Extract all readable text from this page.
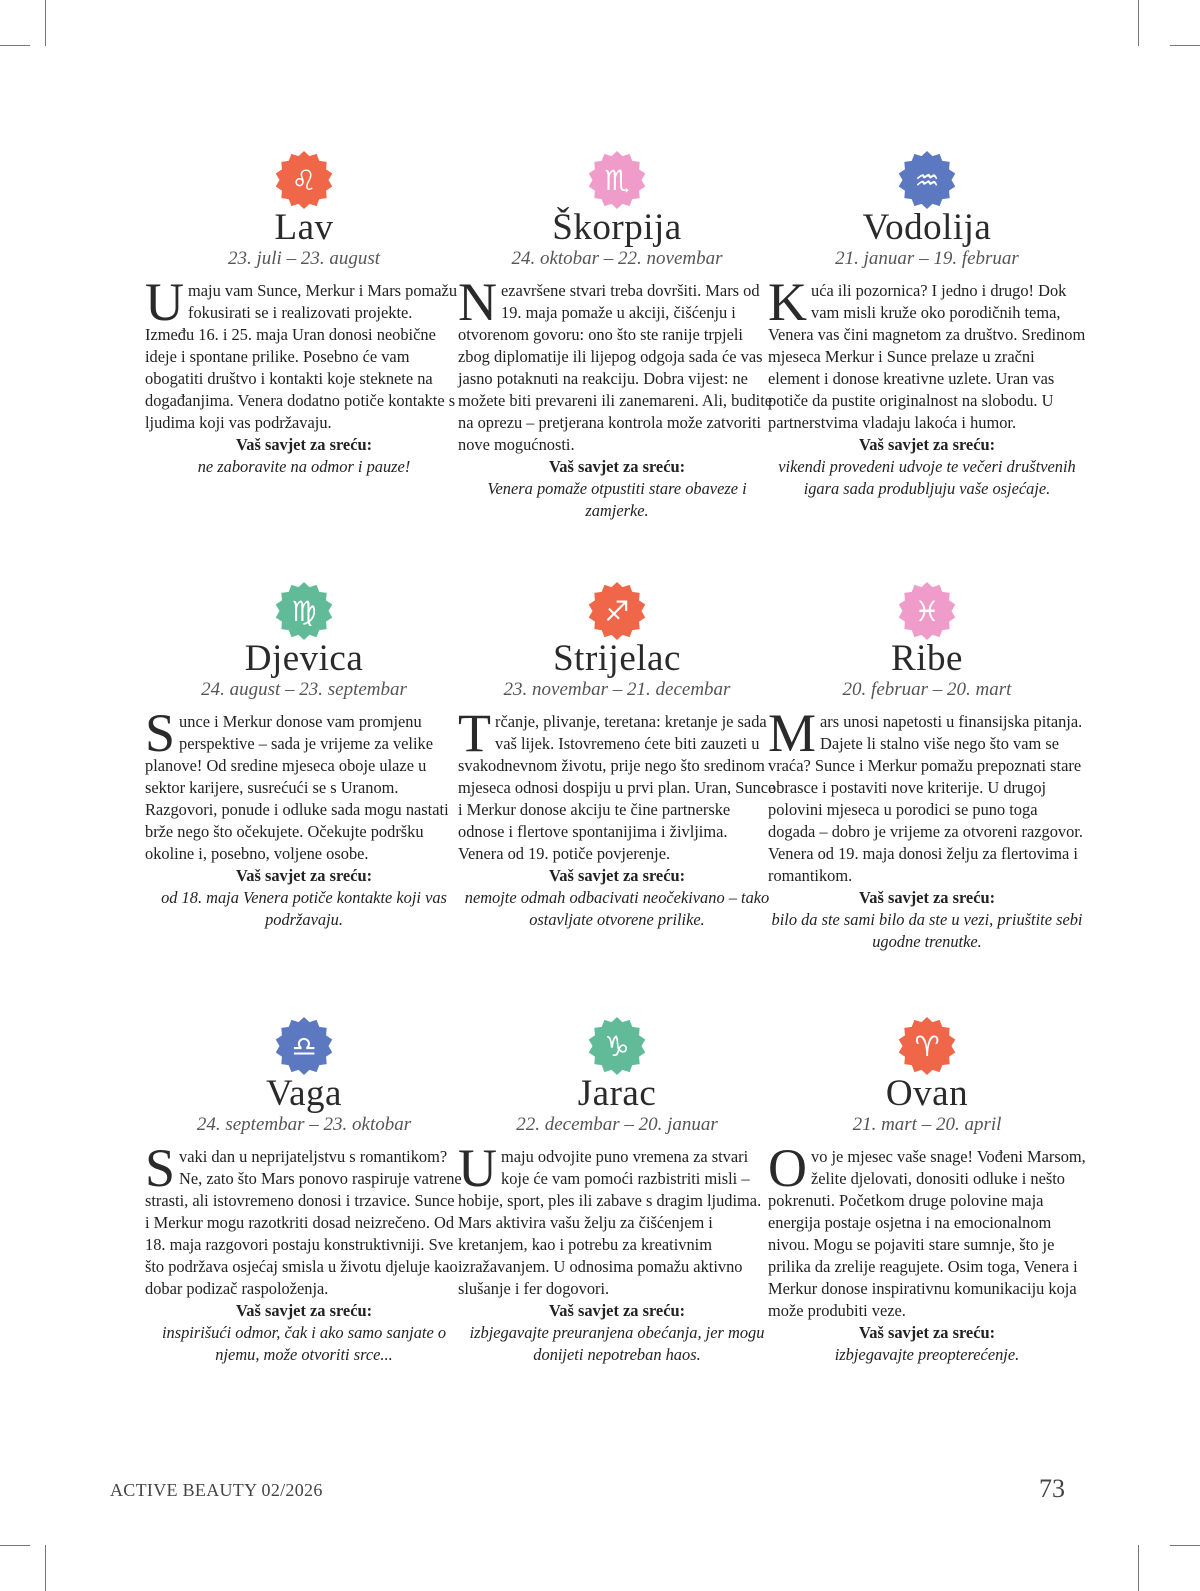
♌
Lav
23. juli – 23. august
Umaju vam Sunce, Merkur i Mars pomažu fokusirati se i realizovati projekte. Između 16. i 25. maja Uran donosi neobične ideje i spontane prilike. Posebno će vam obogatiti društvo i kontakti koje steknete na događanjima. Venera dodatno potiče kontakte s ljudima koji vas podržavaju.
Vaš savjet za sreću:
ne zaboravite na odmor i pauze!
♏
Škorpija
24. oktobar – 22. novembar
Nezavršene stvari treba dovršiti. Mars od 19. maja pomaže u akciji, čišćenju i otvorenom govoru: ono što ste ranije trpjeli zbog diplomatije ili lijepog odgoja sada će vas jasno potaknuti na reakciju. Dobra vijest: ne možete biti prevareni ili zanemareni. Ali, budite na oprezu – pretjerana kontrola može zatvoriti nove mogućnosti.
Vaš savjet za sreću:
Venera pomaže otpustiti stare obaveze i zamjerke.
♒
Vodolija
21. januar – 19. februar
Kuća ili pozornica? I jedno i drugo! Dok vam misli kruže oko porodičnih tema, Venera vas čini magnetom za društvo. Sredinom mjeseca Merkur i Sunce prelaze u zračni element i donose kreativne uzlete. Uran vas potiče da pustite originalnost na slobodu. U partnerstvima vladaju lakoća i humor.
Vaš savjet za sreću:
vikendi provedeni udvoje te večeri društvenih igara sada produbljuju vaše osjećaje.
♍
Djevica
24. august – 23. septembar
Sunce i Merkur donose vam promjenu perspektive – sada je vrijeme za velike planove! Od sredine mjeseca oboje ulaze u sektor karijere, susrećući se s Uranom. Razgovori, ponude i odluke sada mogu nastati brže nego što očekujete. Očekujte podršku okoline i, posebno, voljene osobe.
Vaš savjet za sreću:
od 18. maja Venera potiče kontakte koji vas podržavaju.
♐
Strijelac
23. novembar – 21. decembar
Trčanje, plivanje, teretana: kretanje je sada vaš lijek. Istovremeno ćete biti zauzeti u svakodnevnom životu, prije nego što sredinom mjeseca odnosi dospiju u prvi plan. Uran, Sunce i Merkur donose akciju te čine partnerske odnose i flertove spontanijima i življima. Venera od 19. potiče povjerenje.
Vaš savjet za sreću:
nemojte odmah odbacivati neočekivano – tako ostavljate otvorene prilike.
♓
Ribe
20. februar – 20. mart
Mars unosi napetosti u finansijska pitanja. Dajete li stalno više nego što vam se vraća? Sunce i Merkur pomažu prepoznati stare obrasce i postaviti nove kriterije. U drugoj polovini mjeseca u porodici se puno toga dogada – dobro je vrijeme za otvoreni razgovor. Venera od 19. maja donosi želju za flertovima i romantikom.
Vaš savjet za sreću:
bilo da ste sami bilo da ste u vezi, priuštite sebi ugodne trenutke.
♎
Vaga
24. septembar – 23. oktobar
Svaki dan u neprijateljstvu s romantikom? Ne, zato što Mars ponovo raspiruje vatrene strasti, ali istovremeno donosi i trzavice. Sunce i Merkur mogu razotkriti dosad neizrečeno. Od 18. maja razgovori postaju konstruktivniji. Sve što podržava osjećaj smisla u životu djeluje kao dobar podizač raspoloženja.
Vaš savjet za sreću:
inspirišući odmor, čak i ako samo sanjate o njemu, može otvoriti srce...
♑
Jarac
22. decembar – 20. januar
Umaju odvojite puno vremena za stvari koje će vam pomoći razbistriti misli – hobije, sport, ples ili zabave s dragim ljudima. Mars aktivira vašu želju za čišćenjem i kretanjem, kao i potrebu za kreativnim izražavanjem. U odnosima pomažu aktivno slušanje i fer dogovori.
Vaš savjet za sreću:
izbjegavajte preuranjena obećanja, jer mogu donijeti nepotreban haos.
♈
Ovan
21. mart – 20. april
Ovo je mjesec vaše snage! Vođeni Marsom, želite djelovati, donositi odluke i nešto pokrenuti. Početkom druge polovine maja energija postaje osjetna i na emocionalnom nivou. Mogu se pojaviti stare sumnje, što je prilika da zrelije reagujete. Osim toga, Venera i Merkur donose inspirativnu komunikaciju koja može produbiti veze.
Vaš savjet za sreću:
izbjegavajte preopterećenje.
ACTIVE BEAUTY 02/2026	73
